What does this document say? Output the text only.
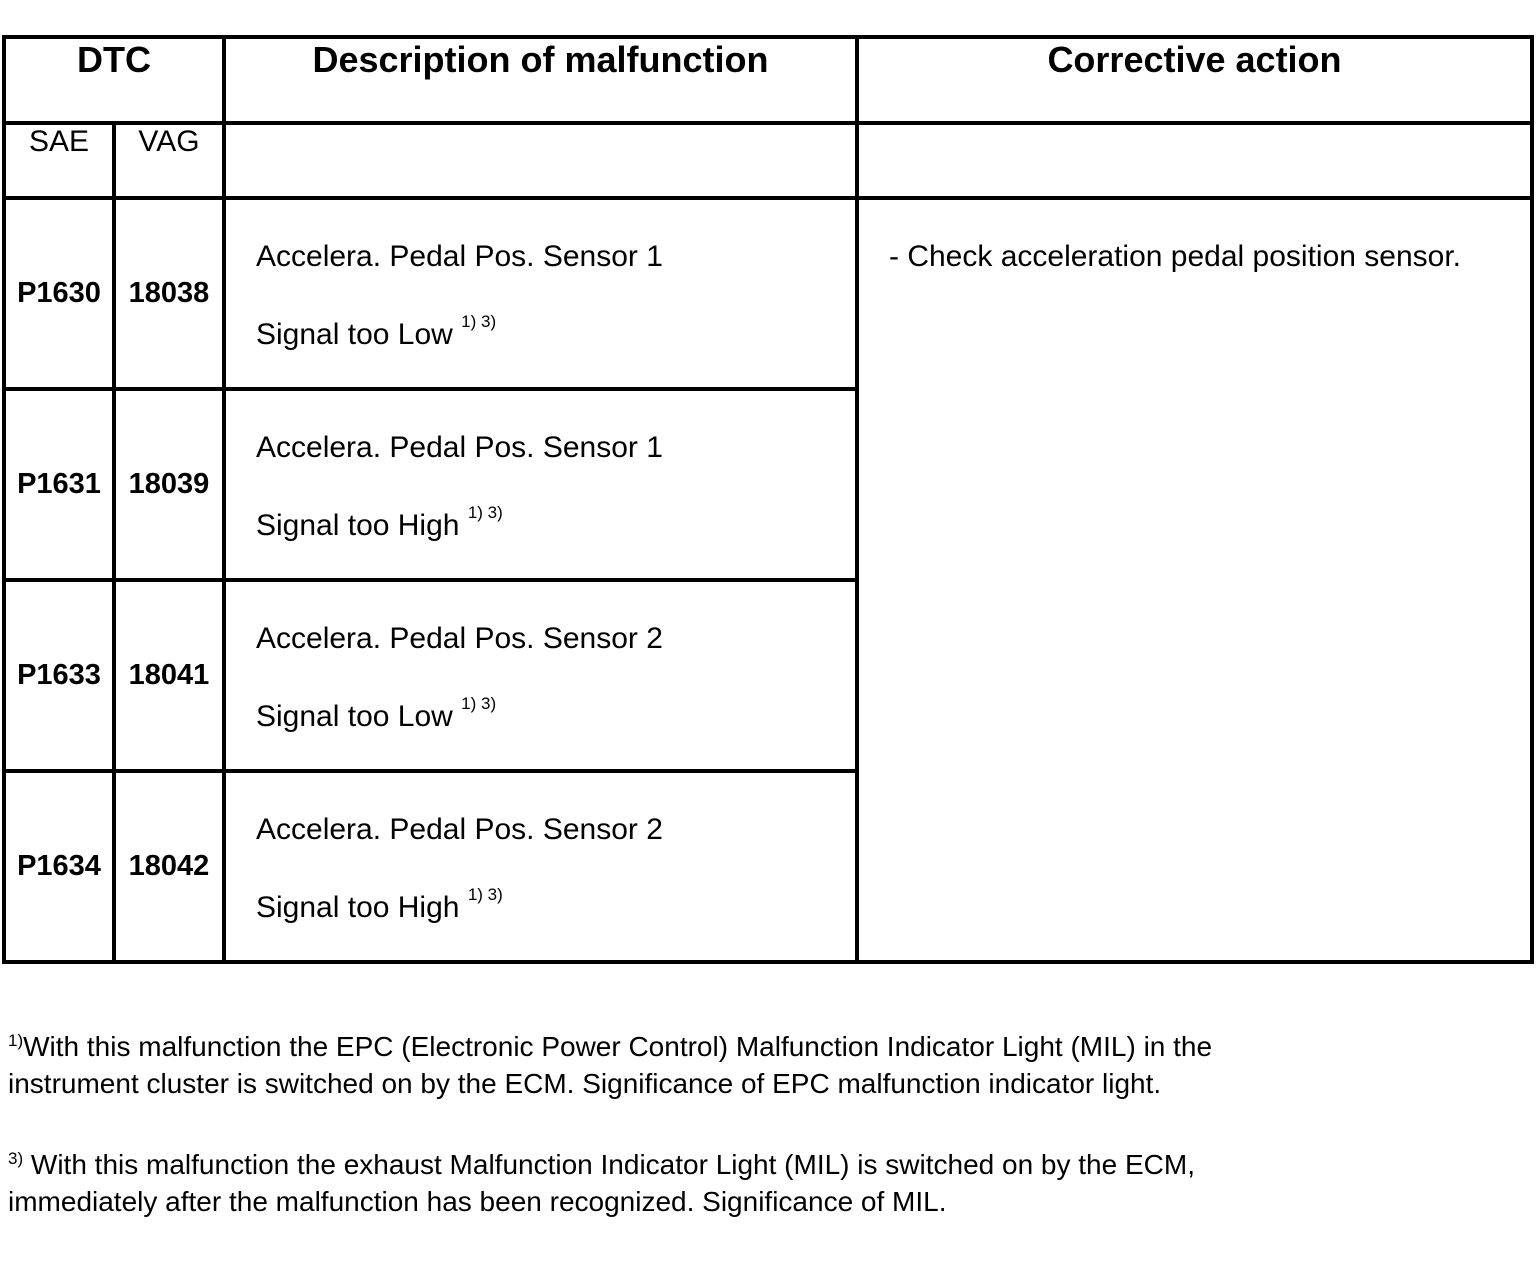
DTC		Description of malfunction	Corrective action
SAE	VAG		
P1630	18038	Accelera. Pedal Pos. Sensor 1
Signal too Low $^{1) 3)}$	- Check acceleration pedal position sensor.
P1631	18039	Accelera. Pedal Pos. Sensor 1
Signal too High $^{1) 3)}$

P1633	18041	Accelera. Pedal Pos. Sensor 2
Signal too Low $^{1) 3)}$

P1634	18042	Accelera. Pedal Pos. Sensor 2
Signal too High $^{1) 3)}$
$^{1)}$With this malfunction the EPC (Electronic Power Control) Malfunction Indicator Light (MIL) in the
instrument cluster is switched on by the ECM. Significance of EPC malfunction indicator light.
$^{3)}$ With this malfunction the exhaust Malfunction Indicator Light (MIL) is switched on by the ECM,
immediately after the malfunction has been recognized. Significance of MIL.
